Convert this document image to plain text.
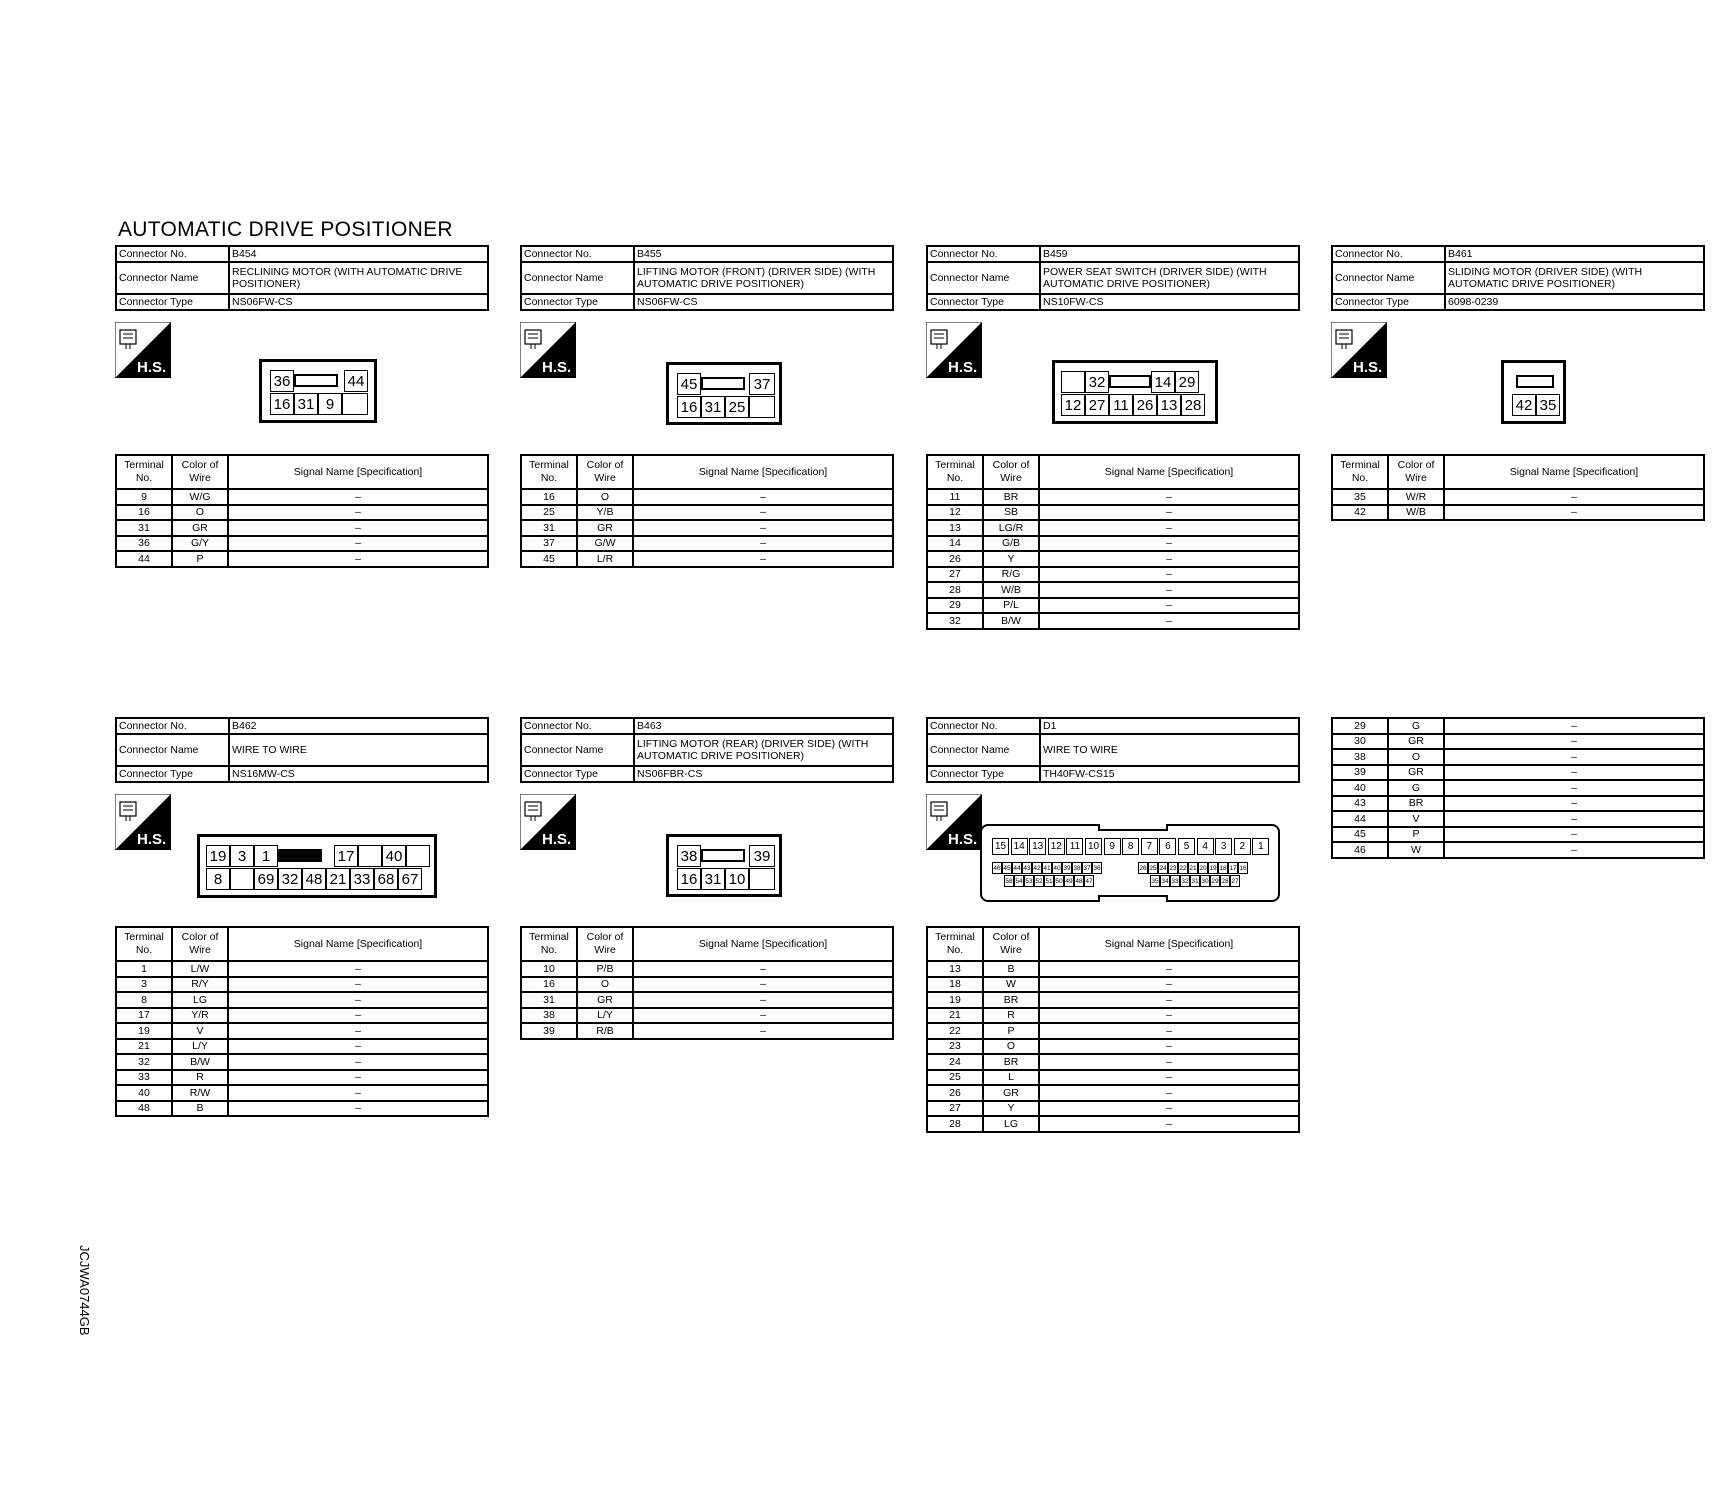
AUTOMATIC DRIVE POSITIONER
JCJWA0744GB
Connector No.	B454
Connector Name	RECLINING MOTOR (WITH AUTOMATIC DRIVE POSITIONER)
Connector Type	NS06FW-CS
H.S.
36	44
16 31 9
Terminal No.	Color of Wire	Signal Name [Specification]
9	W/G	–
16	O	–
31	GR	–
36	G/Y	–
44	P	–
Connector No.	B455
Connector Name	LIFTING MOTOR (FRONT) (DRIVER SIDE) (WITH AUTOMATIC DRIVE POSITIONER)
Connector Type	NS06FW-CS
H.S.
45	37
16 31 25
Terminal No.	Color of Wire	Signal Name [Specification]
16	O	–
25	Y/B	–
31	GR	–
37	G/W	–
45	L/R	–
Connector No.	B459
Connector Name	POWER SEAT SWITCH (DRIVER SIDE) (WITH AUTOMATIC DRIVE POSITIONER)
Connector Type	NS10FW-CS
H.S.
32	14 29
12 27 11 26 13 28
Terminal No.	Color of Wire	Signal Name [Specification]
11	BR	–
12	SB	–
13	LG/R	–
14	G/B	–
26	Y	–
27	R/G	–
28	W/B	–
29	P/L	–
32	B/W	–
Connector No.	B461
Connector Name	SLIDING MOTOR (DRIVER SIDE) (WITH AUTOMATIC DRIVE POSITIONER)
Connector Type	6098-0239
H.S.
42 35
Terminal No.	Color of Wire	Signal Name [Specification]
35	W/R	–
42	W/B	–
Connector No.	B462
Connector Name	WIRE TO WIRE
Connector Type	NS16MW-CS
H.S.
19 3	1	17 40
8	69 32 48 21 33 68 67
Terminal No.	Color of Wire	Signal Name [Specification]
1	L/W	–
3	R/Y	–
8	LG	–
17	Y/R	–
19	V	–
21	L/Y	–
32	B/W	–
33	R	–
40	R/W	–
48	B	–
Connector No.	B463
Connector Name	LIFTING MOTOR (REAR) (DRIVER SIDE) (WITH AUTOMATIC DRIVE POSITIONER)
Connector Type	NS06FBR-CS
H.S.
38	39
16 31 10
Terminal No.	Color of Wire	Signal Name [Specification]
10	P/B	–
16	O	–
31	GR	–
38	L/Y	–
39	R/B	–
Connector No.	D1
Connector Name	WIRE TO WIRE
Connector Type	TH40FW-CS15
H.S. 15 14 13 12 11 10	9	8	7	6	5	4	3	2	1
46 45 44 43 42 41 40 39 38 37 36	26 25 24 23 22 21 20 19 18 17 16
58 54 53 52 51 50 49 48 47	35 34 33 32 31 30 29 28 27
Terminal No.	Color of Wire	Signal Name [Specification]
13	B	–
18	W	–
19	BR	–
21	R	–
22	P	–
23	O	–
24	BR	–
25	L	–
26	GR	–
27	Y	–
28	LG	–
29	G	–
30	GR	–
38	O	–
39	GR	–
40	G	–
43	BR	–
44	V	–
45	P	–
46	W	–
